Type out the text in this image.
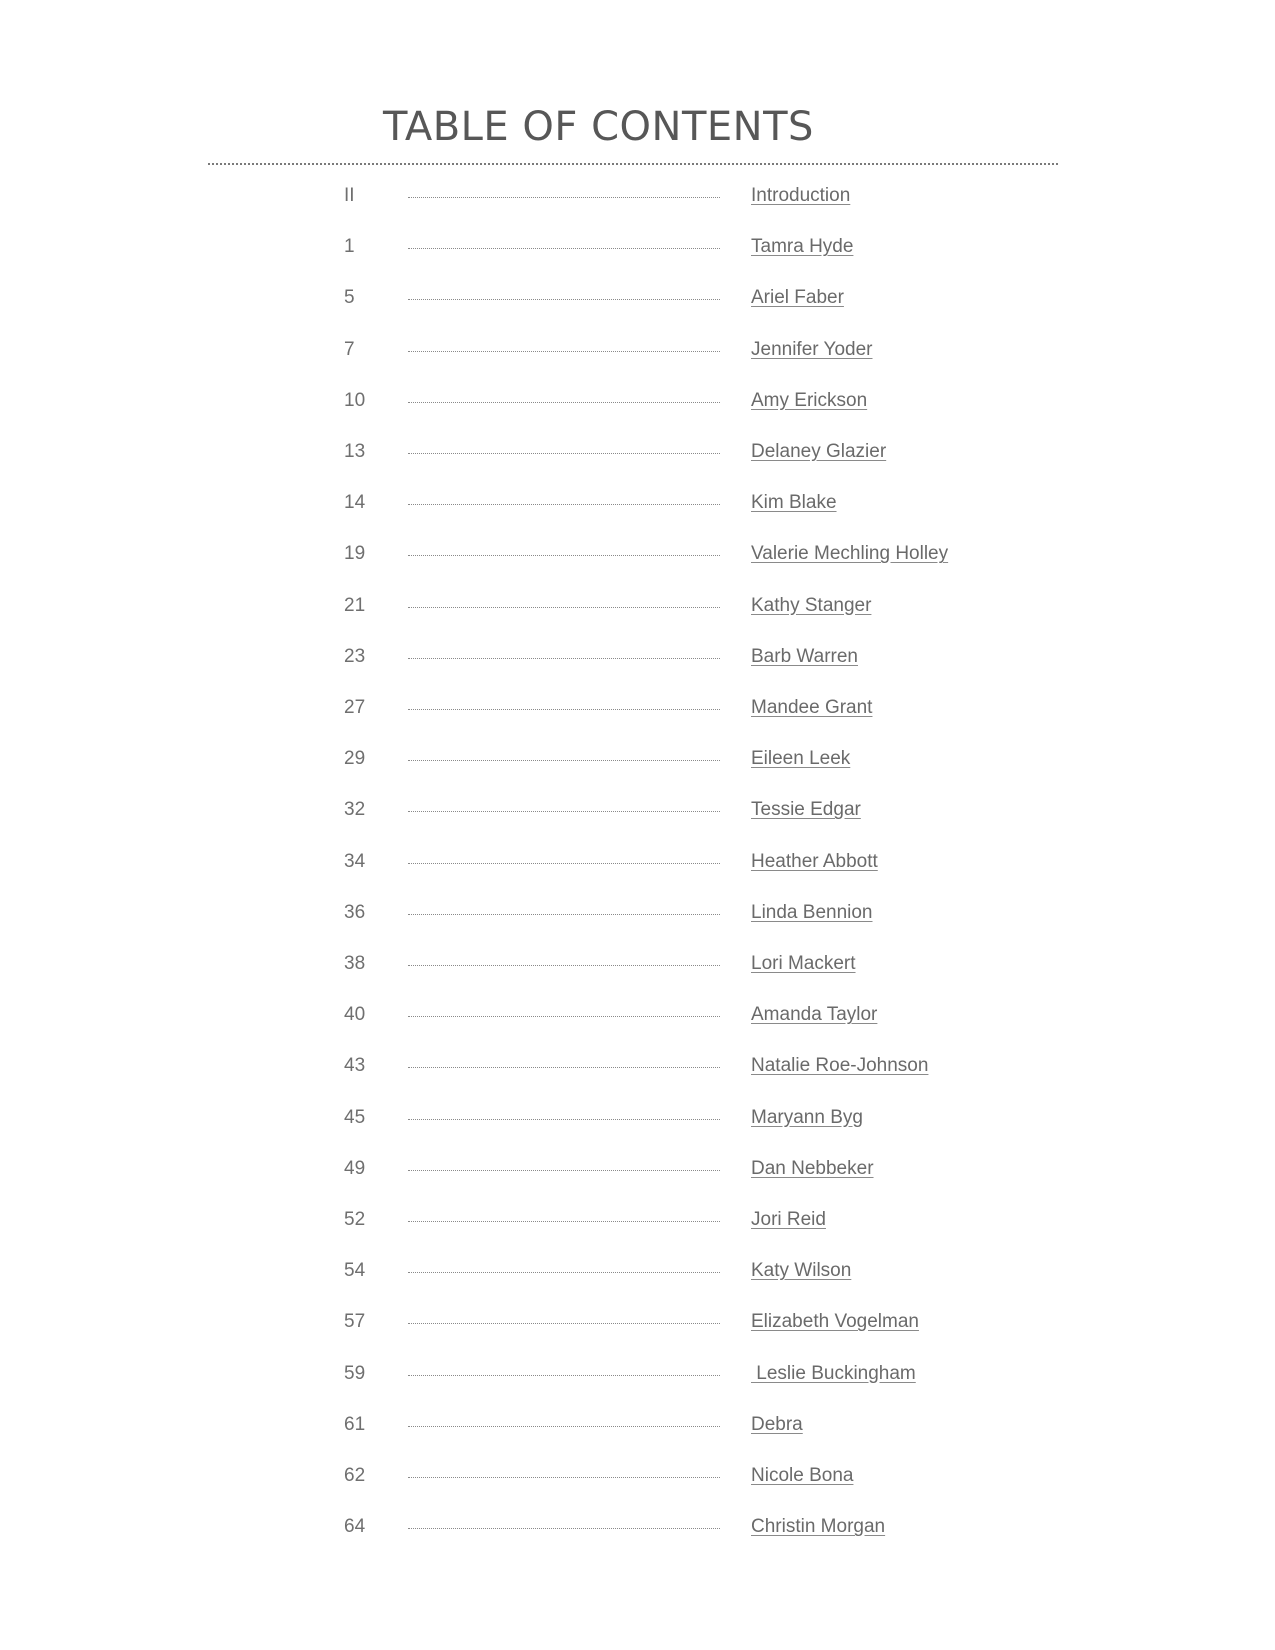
TABLE OF CONTENTS
II	Introduction
1	Tamra Hyde
5	Ariel Faber
7	Jennifer Yoder
10	Amy Erickson
13	Delaney Glazier
14	Kim Blake
19	Valerie Mechling Holley
21	Kathy Stanger
23	Barb Warren
27	Mandee Grant
29	Eileen Leek
32	Tessie Edgar
34	Heather Abbott
36	Linda Bennion
38	Lori Mackert
40	Amanda Taylor
43	Natalie Roe-Johnson
45	Maryann Byg
49	Dan Nebbeker
52	Jori Reid
54	Katy Wilson
57	Elizabeth Vogelman
59	Leslie Buckingham
61	Debra
62	Nicole Bona
64	Christin Morgan
